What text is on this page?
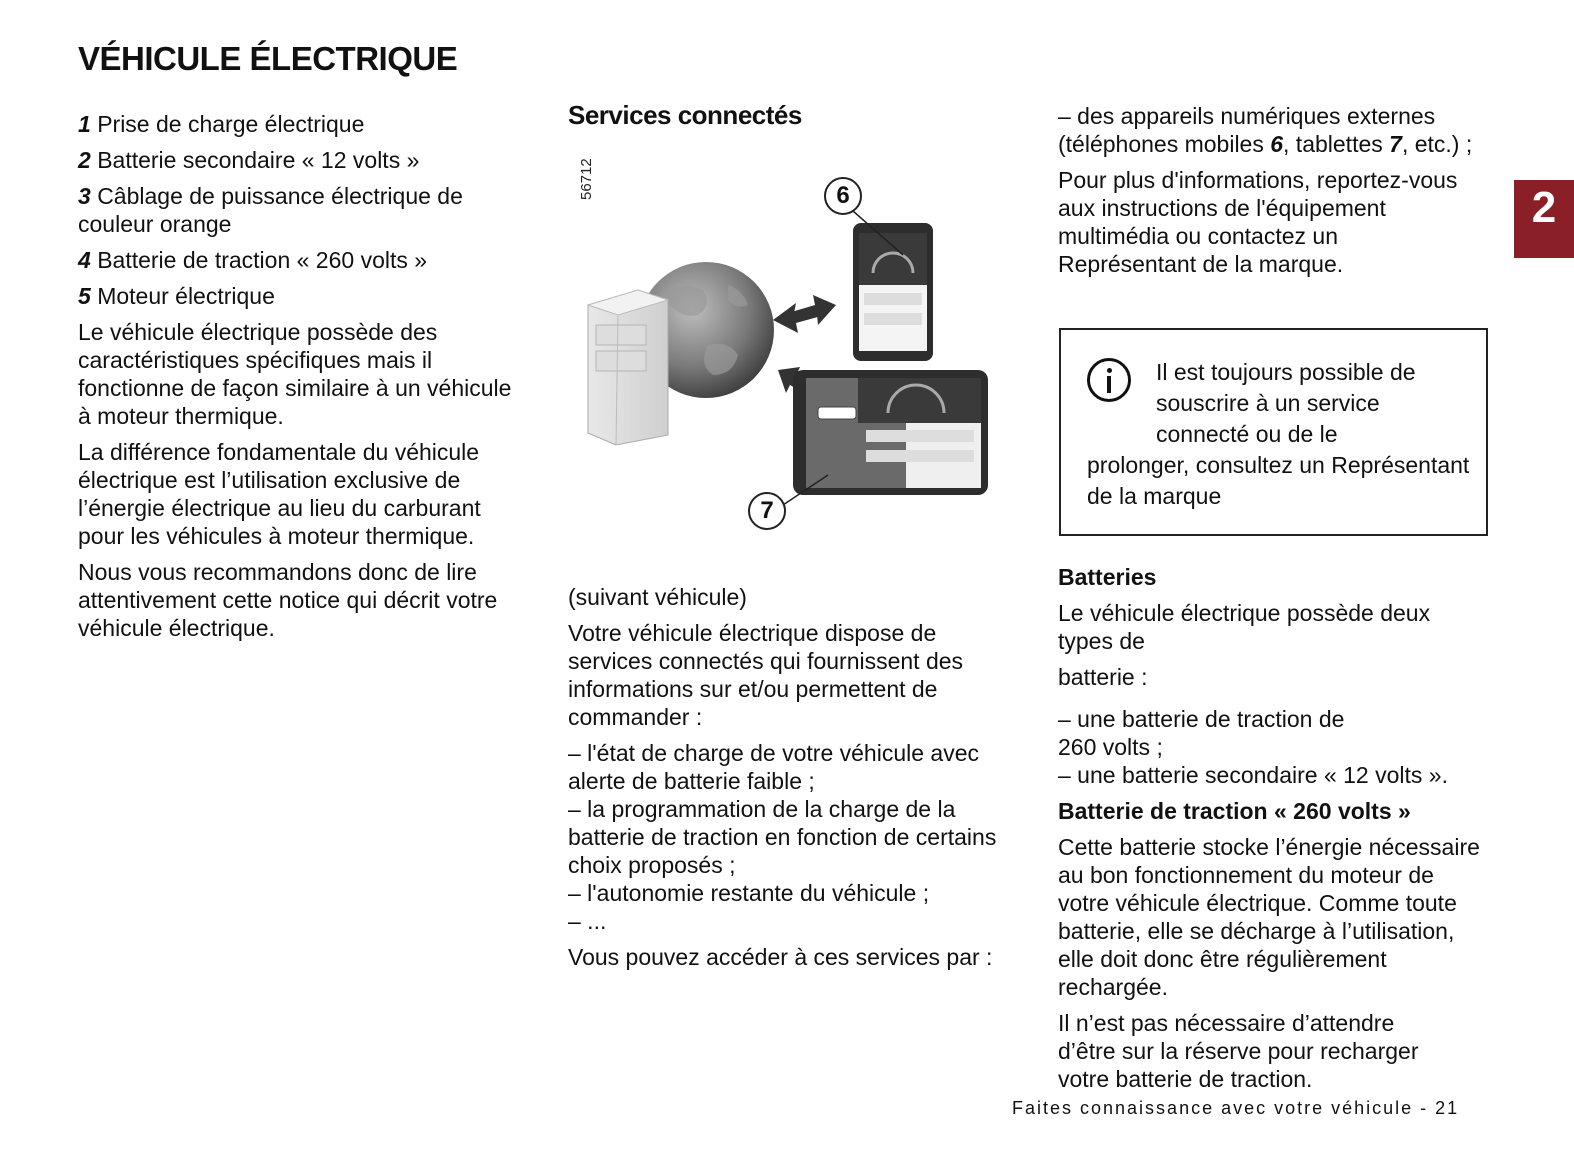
VÉHICULE ÉLECTRIQUE
2

1 Prise de charge électrique

2 Batterie secondaire « 12 volts »

3 Câblage de puissance électrique de couleur orange

4 Batterie de traction « 260 volts »

5 Moteur électrique

Le véhicule électrique possède des caractéristiques spécifiques mais il fonctionne de façon similaire à un véhicule à moteur thermique.

La différence fondamentale du véhicule électrique est l’utilisation exclusive de l’énergie électrique au lieu du carburant pour les véhicules à moteur thermique.

Nous vous recommandons donc de lire attentivement cette notice qui décrit votre véhicule électrique.

Services connectés
56712	6
7

(suivant véhicule)

Votre véhicule électrique dispose de services connectés qui fournissent des informations sur et/ou permettent de commander :

– l'état de charge de votre véhicule avec alerte de batterie faible ;
– la programmation de la charge de la batterie de traction en fonction de certains choix proposés ;
– l'autonomie restante du véhicule ;
– ...

Vous pouvez accéder à ces services par :

– des appareils numériques externes (téléphones mobiles 6, tablettes 7, etc.) ;

Pour plus d'informations, reportez-vous aux instructions de l'équipement multimédia ou contactez un Représentant de la marque.

Il est toujours possible de souscrire à un service connecté ou de le
prolonger, consultez un Représentant de la marque

Batteries

Le véhicule électrique possède deux types de

batterie :

– une batterie de traction de 260 volts ;
– une batterie secondaire « 12 volts ».

Batterie de traction « 260 volts »

Cette batterie stocke l’énergie nécessaire au bon fonctionnement du moteur de votre véhicule électrique. Comme toute batterie, elle se décharge à l’utilisation, elle doit donc être régulièrement rechargée.

Il n’est pas nécessaire d’attendre d’être sur la réserve pour recharger votre batterie de traction.

Faites connaissance avec votre véhicule - 21
